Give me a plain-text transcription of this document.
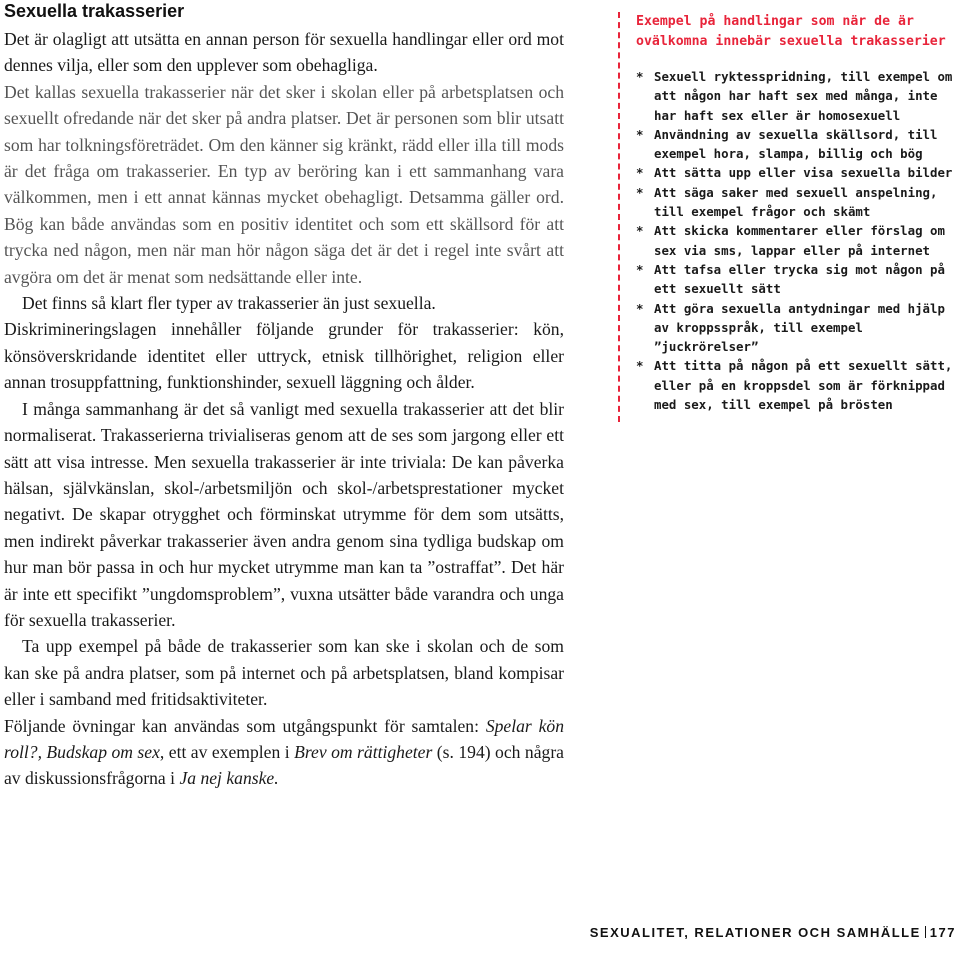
Sexuella trakasserier

Det är olagligt att utsätta en annan person för sexuella handlingar eller ord mot dennes vilja, eller som den upplever som obehagliga.

Det kallas sexuella trakasserier när det sker i skolan eller på arbetsplatsen och sexuellt ofredande när det sker på andra platser. Det är personen som blir utsatt som har tolkningsföreträdet. Om den känner sig kränkt, rädd eller illa till mods är det fråga om trakasserier. En typ av beröring kan i ett sammanhang vara välkommen, men i ett annat kännas mycket obehagligt. Detsamma gäller ord. Bög kan både användas som en positiv identitet och som ett skällsord för att trycka ned någon, men när man hör någon säga det är det i regel inte svårt att avgöra om det är menat som nedsättande eller inte.

Det finns så klart fler typer av trakasserier än just sexuella.

Diskrimineringslagen innehåller följande grunder för trakasserier: kön, könsöverskridande identitet eller uttryck, etnisk tillhörighet, religion eller annan trosuppfattning, funktionshinder, sexuell läggning och ålder.

I många sammanhang är det så vanligt med sexuella trakasserier att det blir normaliserat. Trakasserierna trivialiseras genom att de ses som jargong eller ett sätt att visa intresse. Men sexuella trakasserier är inte triviala: De kan påverka hälsan, självkänslan, skol-/arbetsmiljön och skol-/arbetsprestationer mycket negativt. De skapar otrygghet och förminskat utrymme för dem som utsätts, men indirekt påverkar trakasserier även andra genom sina tydliga budskap om hur man bör passa in och hur mycket utrymme man kan ta ”ostraffat”. Det här är inte ett specifikt ”ungdomsproblem”, vuxna utsätter både varandra och unga för sexuella trakasserier.

Ta upp exempel på både de trakasserier som kan ske i skolan och de som kan ske på andra platser, som på internet och på arbetsplatsen, bland kompisar eller i samband med fritidsaktiviteter.

Följande övningar kan användas som utgångspunkt för samtalen: Spelar kön roll?, Budskap om sex, ett av exemplen i Brev om rättigheter (s. 194) och några av diskussionsfrågorna i Ja nej kanske.

Exempel på handlingar som när de är ovälkomna innebär sexuella trakasserier
* Sexuell ryktesspridning, till exempel om att någon har haft sex med många, inte har haft sex eller är homosexuell
* Användning av sexuella skällsord, till exempel hora, slampa, billig och bög
* Att sätta upp eller visa sexuella bilder
* Att säga saker med sexuell anspelning, till exempel frågor och skämt
* Att skicka kommentarer eller förslag om sex via sms, lappar eller på internet
* Att tafsa eller trycka sig mot någon på ett sexuellt sätt
* Att göra sexuella antydningar med hjälp av kroppsspråk, till exempel ”juckrörelser”
* Att titta på någon på ett sexuellt sätt, eller på en kroppsdel som är förknippad med sex, till exempel på brösten
SEXUALITET, RELATIONER OCH SAMHÄLLE 177
